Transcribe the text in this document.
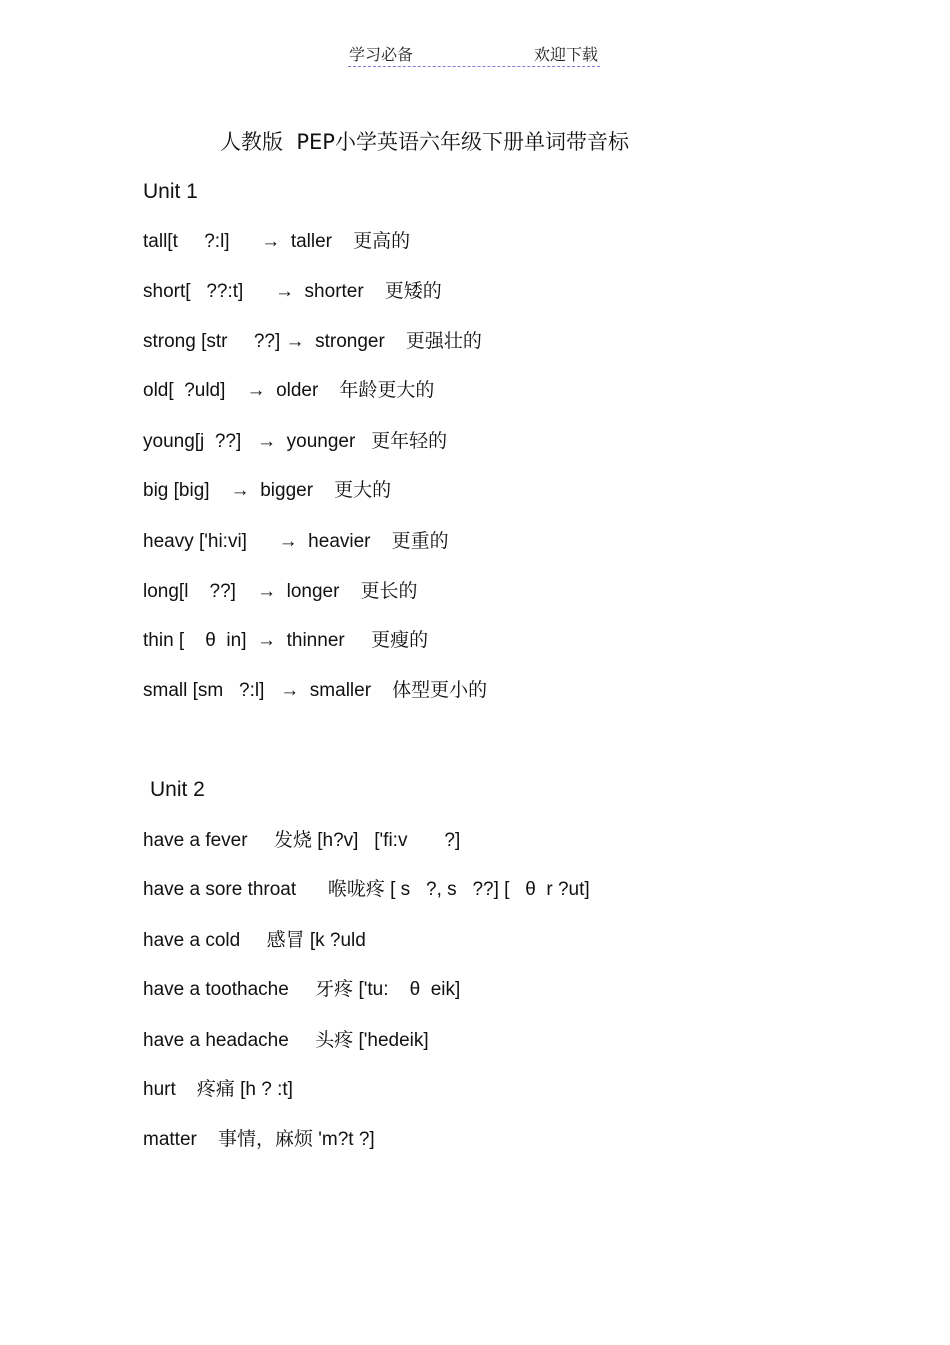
学习必备	欢迎下载
人教版  PEP小学英语六年级下册单词带音标
Unit 1
tall[t     ?:l]      →  taller    更高的
short[   ??:t]      →  shorter    更矮的
strong [str     ??] →  stronger    更强壮的
old[  ?uld]    →  older    年龄更大的
young[j  ??]   →  younger   更年轻的
big [big]    →  bigger    更大的
heavy ['hi:vi]      →  heavier    更重的
long[l    ??]    →  longer    更长的
thin [    θ  in]  →  thinner     更瘦的
small [sm   ?:l]   →  smaller    体型更小的
Unit 2
have a fever     发烧 [h?v]   ['fi:v       ?]
have a sore throat      喉咙疼 [ s   ?, s   ??] [   θ  r ?ut]
have a cold     感冒 [k ?uld
have a toothache     牙疼 ['tu:    θ  eik]
have a headache     头疼 ['hedeik]
hurt    疼痛 [h ? :t]
matter    事情，麻烦 'm?t ?]
